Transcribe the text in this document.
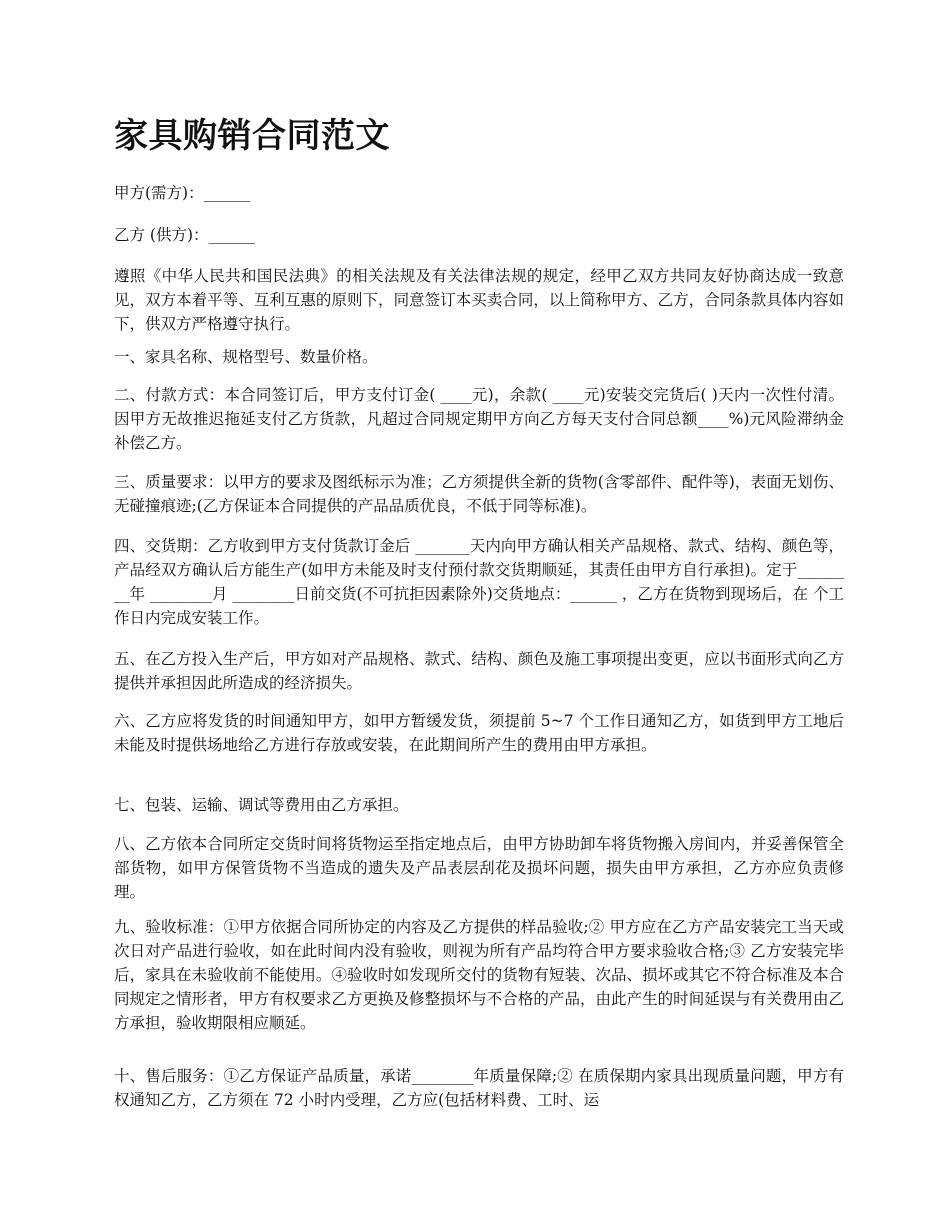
家具购销合同范文

甲方(需方)：______

乙方 (供方)：______

遵照《中华人民共和国民法典》的相关法规及有关法律法规的规定，经甲乙双方共同友好协商达成一致意见，双方本着平等、互利互惠的原则下，同意签订本买卖合同，以上简称甲方、乙方，合同条款具体内容如下，供双方严格遵守执行。

一、家具名称、规格型号、数量价格。

二、付款方式：本合同签订后，甲方支付订金( ____元)，余款( ____元)安装交完货后( )天内一次性付清。因甲方无故推迟拖延支付乙方货款，凡超过合同规定期甲方向乙方每天支付合同总额____%)元风险滞纳金补偿乙方。

三、质量要求：以甲方的要求及图纸标示为准；乙方须提供全新的货物(含零部件、配件等)，表面无划伤、无碰撞痕迹;(乙方保证本合同提供的产品品质优良，不低于同等标准)。

四、交货期：乙方收到甲方支付货款订金后 _______天内向甲方确认相关产品规格、款式、结构、颜色等，产品经双方确认后方能生产(如甲方未能及时支付预付款交货期顺延，其责任由甲方自行承担)。定于________年 ________月 ________日前交货(不可抗拒因素除外)交货地点：______ ，乙方在货物到现场后，在 个工作日内完成安装工作。

五、在乙方投入生产后，甲方如对产品规格、款式、结构、颜色及施工事项提出变更，应以书面形式向乙方提供并承担因此所造成的经济损失。

六、乙方应将发货的时间通知甲方，如甲方暂缓发货，须提前 5~7 个工作日通知乙方，如货到甲方工地后未能及时提供场地给乙方进行存放或安装，在此期间所产生的费用由甲方承担。

七、包装、运输、调试等费用由乙方承担。

八、乙方依本合同所定交货时间将货物运至指定地点后，由甲方协助卸车将货物搬入房间内，并妥善保管全部货物，如甲方保管货物不当造成的遗失及产品表层刮花及损坏问题，损失由甲方承担，乙方亦应负责修理。

九、验收标准：①甲方依据合同所协定的内容及乙方提供的样品验收;② 甲方应在乙方产品安装完工当天或次日对产品进行验收，如在此时间内没有验收，则视为所有产品均符合甲方要求验收合格;③ 乙方安装完毕后，家具在未验收前不能使用。④验收时如发现所交付的货物有短装、次品、损坏或其它不符合标准及本合同规定之情形者，甲方有权要求乙方更换及修整损坏与不合格的产品，由此产生的时间延误与有关费用由乙方承担，验收期限相应顺延。

十、售后服务：①乙方保证产品质量，承诺________年质量保障;② 在质保期内家具出现质量问题，甲方有权通知乙方，乙方须在 72 小时内受理，乙方应(包括材料费、工时、运
